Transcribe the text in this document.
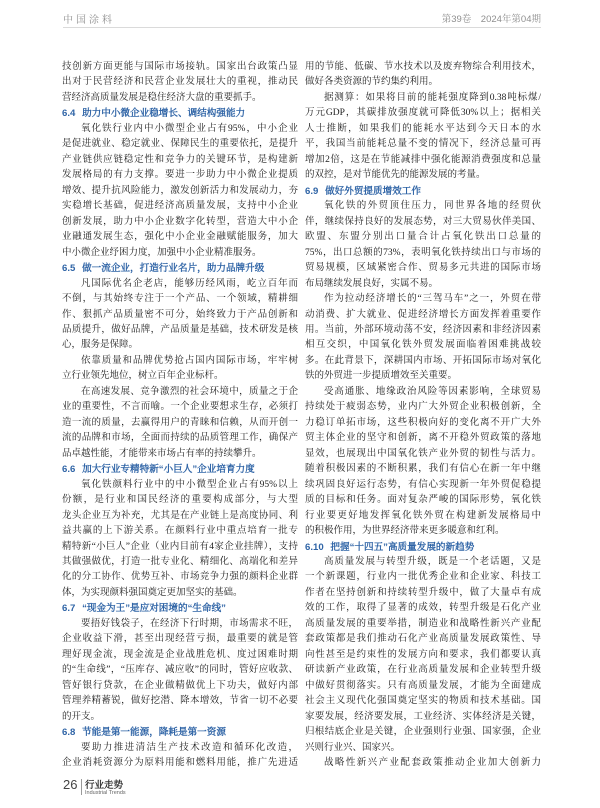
中国涂料	第39卷　2024年第04期
技创新方面更能与国际市场接轨。国家出台政策凸显
出对于民营经济和民营企业发展壮大的重视，推动民
营经济高质量发展是稳住经济大盘的重要抓手。
6.4 助力中小微企业稳增长、调结构强能力
氧化铁行业内中小微型企业占有95%，中小企业
是促进就业、稳定就业、保障民生的重要依托，是提升
产业链供应链稳定性和竞争力的关键环节，是构建新
发展格局的有力支撑。要进一步助力中小微企业提质
增效、提升抗风险能力，激发创新活力和发展动力，夯
实稳增长基础，促进经济高质量发展，支持中小企业
创新发展，助力中小企业数字化转型，营造大中小企
业融通发展生态，强化中小企业金融赋能服务，加大
中小微企业纾困力度，加强中小企业精准服务。
6.5 做一流企业，打造行业名片，助力品牌升级
凡国际优名企老店，能够历经风雨，屹立百年而
不倒，与其始终专注于一个产品、一个领域，精耕细
作、狠抓产品质量密不可分，始终致力于产品创新和
品质提升，做好品牌，产品质量是基础，技术研发是核
心，服务是保障。
依靠质量和品牌优势抢占国内国际市场，牢牢树
立行业领先地位，树立百年企业标杆。
在高速发展、竞争激烈的社会环境中，质量之于企
业的重要性，不言而喻。一个企业要想求生存，必须打
造一流的质量，去赢得用户的青睐和信赖，从而开创一
流的品牌和市场，全面而持续的品质管理工作，确保产
品卓越性能，才能带来市场占有率的持续攀升。
6.6 加大行业专精特新“小巨人”企业培育力度
氧化铁颜料行业中的中小微型企业占有95%以上
份额，是行业和国民经济的重要构成部分，与大型
龙头企业互为补充，尤其是在产业链上是高度协同、利
益共赢的上下游关系。在颜料行业中重点培育一批专
精特新“小巨人”企业（业内目前有4家企业挂牌），支持
其做强做优，打造一批专业化、精细化、高端化和差异
化的分工协作、优势互补、市场竞争力强的颜料企业群
体，为实现颜料强国奠定更加坚实的基础。
6.7 “现金为王”是应对困境的“生命线”
要捂好钱袋子，在经济下行时期，市场需求不旺，
企业收益下滑，甚至出现经营亏损，最重要的就是管
理好现金流，现金流是企业战胜危机、度过困难时期
的“生命线”，“压库存、减应收”的同时，管好应收款、
管好银行贷款，在企业做精做优上下功夫，做好内部
管理养精蓄锐，做好挖潜、降本增效，节省一切不必要
的开支。
6.8 节能是第一能源，降耗是第一资源
要助力推进清洁生产技术改造和循环化改造，
企业消耗资源分为原料用能和燃料用能，推广先进适
用的节能、低碳、节水技术以及废弃物综合利用技术，
做好各类资源的节约集约利用。
据测算：如果将目前的能耗强度降到0.38吨标煤/
万元GDP，其碳排放强度就可降低30%以上；据相关
人士推断，如果我们的能耗水平达到今天日本的水
平，我国当前能耗总量不变的情况下，经济总量可再
增加2倍，这是在节能减排中强化能源消费强度和总量
的双控，是对节能优先的能源发展的考量。
6.9 做好外贸提质增效工作
氧化铁的外贸顶住压力，同世界各地的经贸伙
伴，继续保持良好的发展态势，对三大贸易伙伴美国、
欧盟、东盟分别出口量合计占氧化铁出口总量的
75%，出口总额的73%，表明氧化铁持续出口与市场的
贸易规模，区域紧密合作、贸易多元共进的国际市场
布局继续发展良好，实属不易。
作为拉动经济增长的“三驾马车”之一，外贸在带
动消费、扩大就业、促进经济增长方面发挥着重要作
用。当前，外部环境动荡不安，经济因素和非经济因素
相互交织，中国氧化铁外贸发展面临着困难挑战较
多。在此背景下，深耕国内市场、开拓国际市场对氧化
铁的外贸进一步提质增效至关重要。
受高通胀、地缘政治风险等因素影响，全球贸易
持续处于疲弱态势，业内广大外贸企业积极创新，全
力稳订单拓市场，这些积极向好的变化离不开广大外
贸主体企业的坚守和创新，离不开稳外贸政策的落地
显效，也展现出中国氧化铁产业外贸的韧性与活力。
随着积极因素的不断积累，我们有信心在新一年中继
续巩固良好运行态势，有信心实现新一年外贸促稳提
质的目标和任务。面对复杂严峻的国际形势，氧化铁
行业要更好地发挥氧化铁外贸在构建新发展格局中
的积极作用，为世界经济带来更多暖意和红利。
6.10 把握“十四五”高质量发展的新趋势
高质量发展与转型升级，既是一个老话题，又是
一个新课题，行业内一批优秀企业和企业家、科技工
作者在坚持创新和持续转型升级中，做了大量卓有成
效的工作，取得了显著的成效，转型升级是石化产业
高质量发展的重要举措，制造业和战略性新兴产业配
套政策都是我们推动石化产业高质量发展政策性、导
向性甚至是约束性的发展方向和要求，我们都要认真
研读新产业政策，在行业高质量发展和企业转型升级
中做好贯彻落实。只有高质量发展，才能为全面建成
社会主义现代化强国奠定坚实的物质和技术基础。国
家要发展，经济要发展，工业经济、实体经济是关键，
归根结底企业是关键，企业强则行业强、国家强，企业
兴则行业兴、国家兴。
战略性新兴产业配套政策推动企业加大创新力
26 行业走势
Industrial Trends
